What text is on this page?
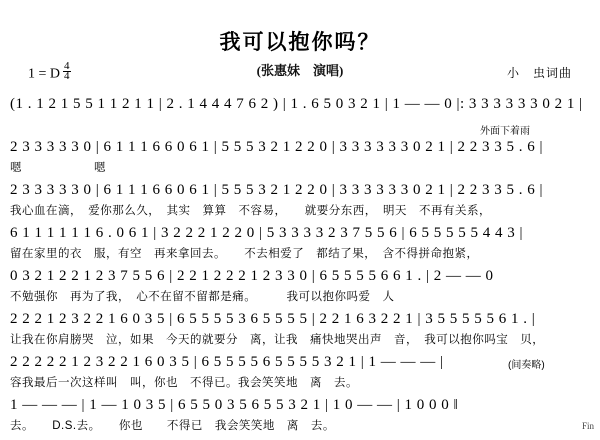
我可以抱你吗？
(张惠妹　演唱)
1 = D $\frac{4}{4}$	小　虫词曲
(1 . 1 2 1 5 5 1 1 2 1 1 | 2 . 1 4 4 4 7 6 2 ) | 1 . 6 5 0 3 2 1 | 1 — — 0 |: 3 3 3 3 3 3 0 2 1 |
外面下着雨
2 3 3 3 3 3 0 | 6 1 1 1 6 6 0 6 1 | 5 5 5 3 2 1 2 2 0 | 3 3 3 3 3 3 0 2 1 | 2 2 3 3 5 . 6 |
嗯　　　　　　嗯
2 3 3 3 3 3 0 | 6 1 1 1 6 6 0 6 1 | 5 5 5 3 2 1 2 2 0 | 3 3 3 3 3 3 0 2 1 | 2 2 3 3 5 . 6 |
我心血在滴，　爱你那么久，　其实　算算　不容易，　　就要分东西，　明天　不再有关系，
6 1 1 1 1 1 1 6 . 0 6 1 | 3 2 2 2 1 2 2 0 | 5 3 3 3 3 2 3 7 5 5 6 | 6 5 5 5 5 5 4 4 3 |
留在家里的衣　服，有空　再来拿回去。　　不去相爱了　都结了果，　含不得拼命抱紧，
0 3 2 1 2 2 1 2 3 7 5 5 6 | 2 2 1 2 2 2 1 2 3 3 0 | 6 5 5 5 5 6 6 1 . | 2 — — 0
不勉强你　再为了我，　心不在留不留都是痛。　　　我可以抱你吗爱　人
2 2 2 1 2 3 2 2 1 6 0 3 5 | 6 5 5 5 5 3 6 5 5 5 5 | 2 2 1 6 3 2 2 1 | 3 5 5 5 5 5 6 1 . |
让我在你肩膀哭　泣，如果　今天的就要分　离，让我　痛快地哭出声　音，　我可以抱你吗宝　贝，
2 2 2 2 2 1 2 3 2 2 1 6 0 3 5 | 6 5 5 5 5 6 5 5 5 5 3 2 1 | 1 — — — |
容我最后一次这样叫　叫，你也　不得已。我会笑笑地　离　去。
(间奏略)
1 — — — | 1 — 1 0 3 5 | 6 5 5 0 3 5 6 5 5 3 2 1 | 1 0 — — | 1 0 0 0 ‖
去。　　D.S.去。　　你也　　不得已　我会笑笑地　离　去。	Fin
